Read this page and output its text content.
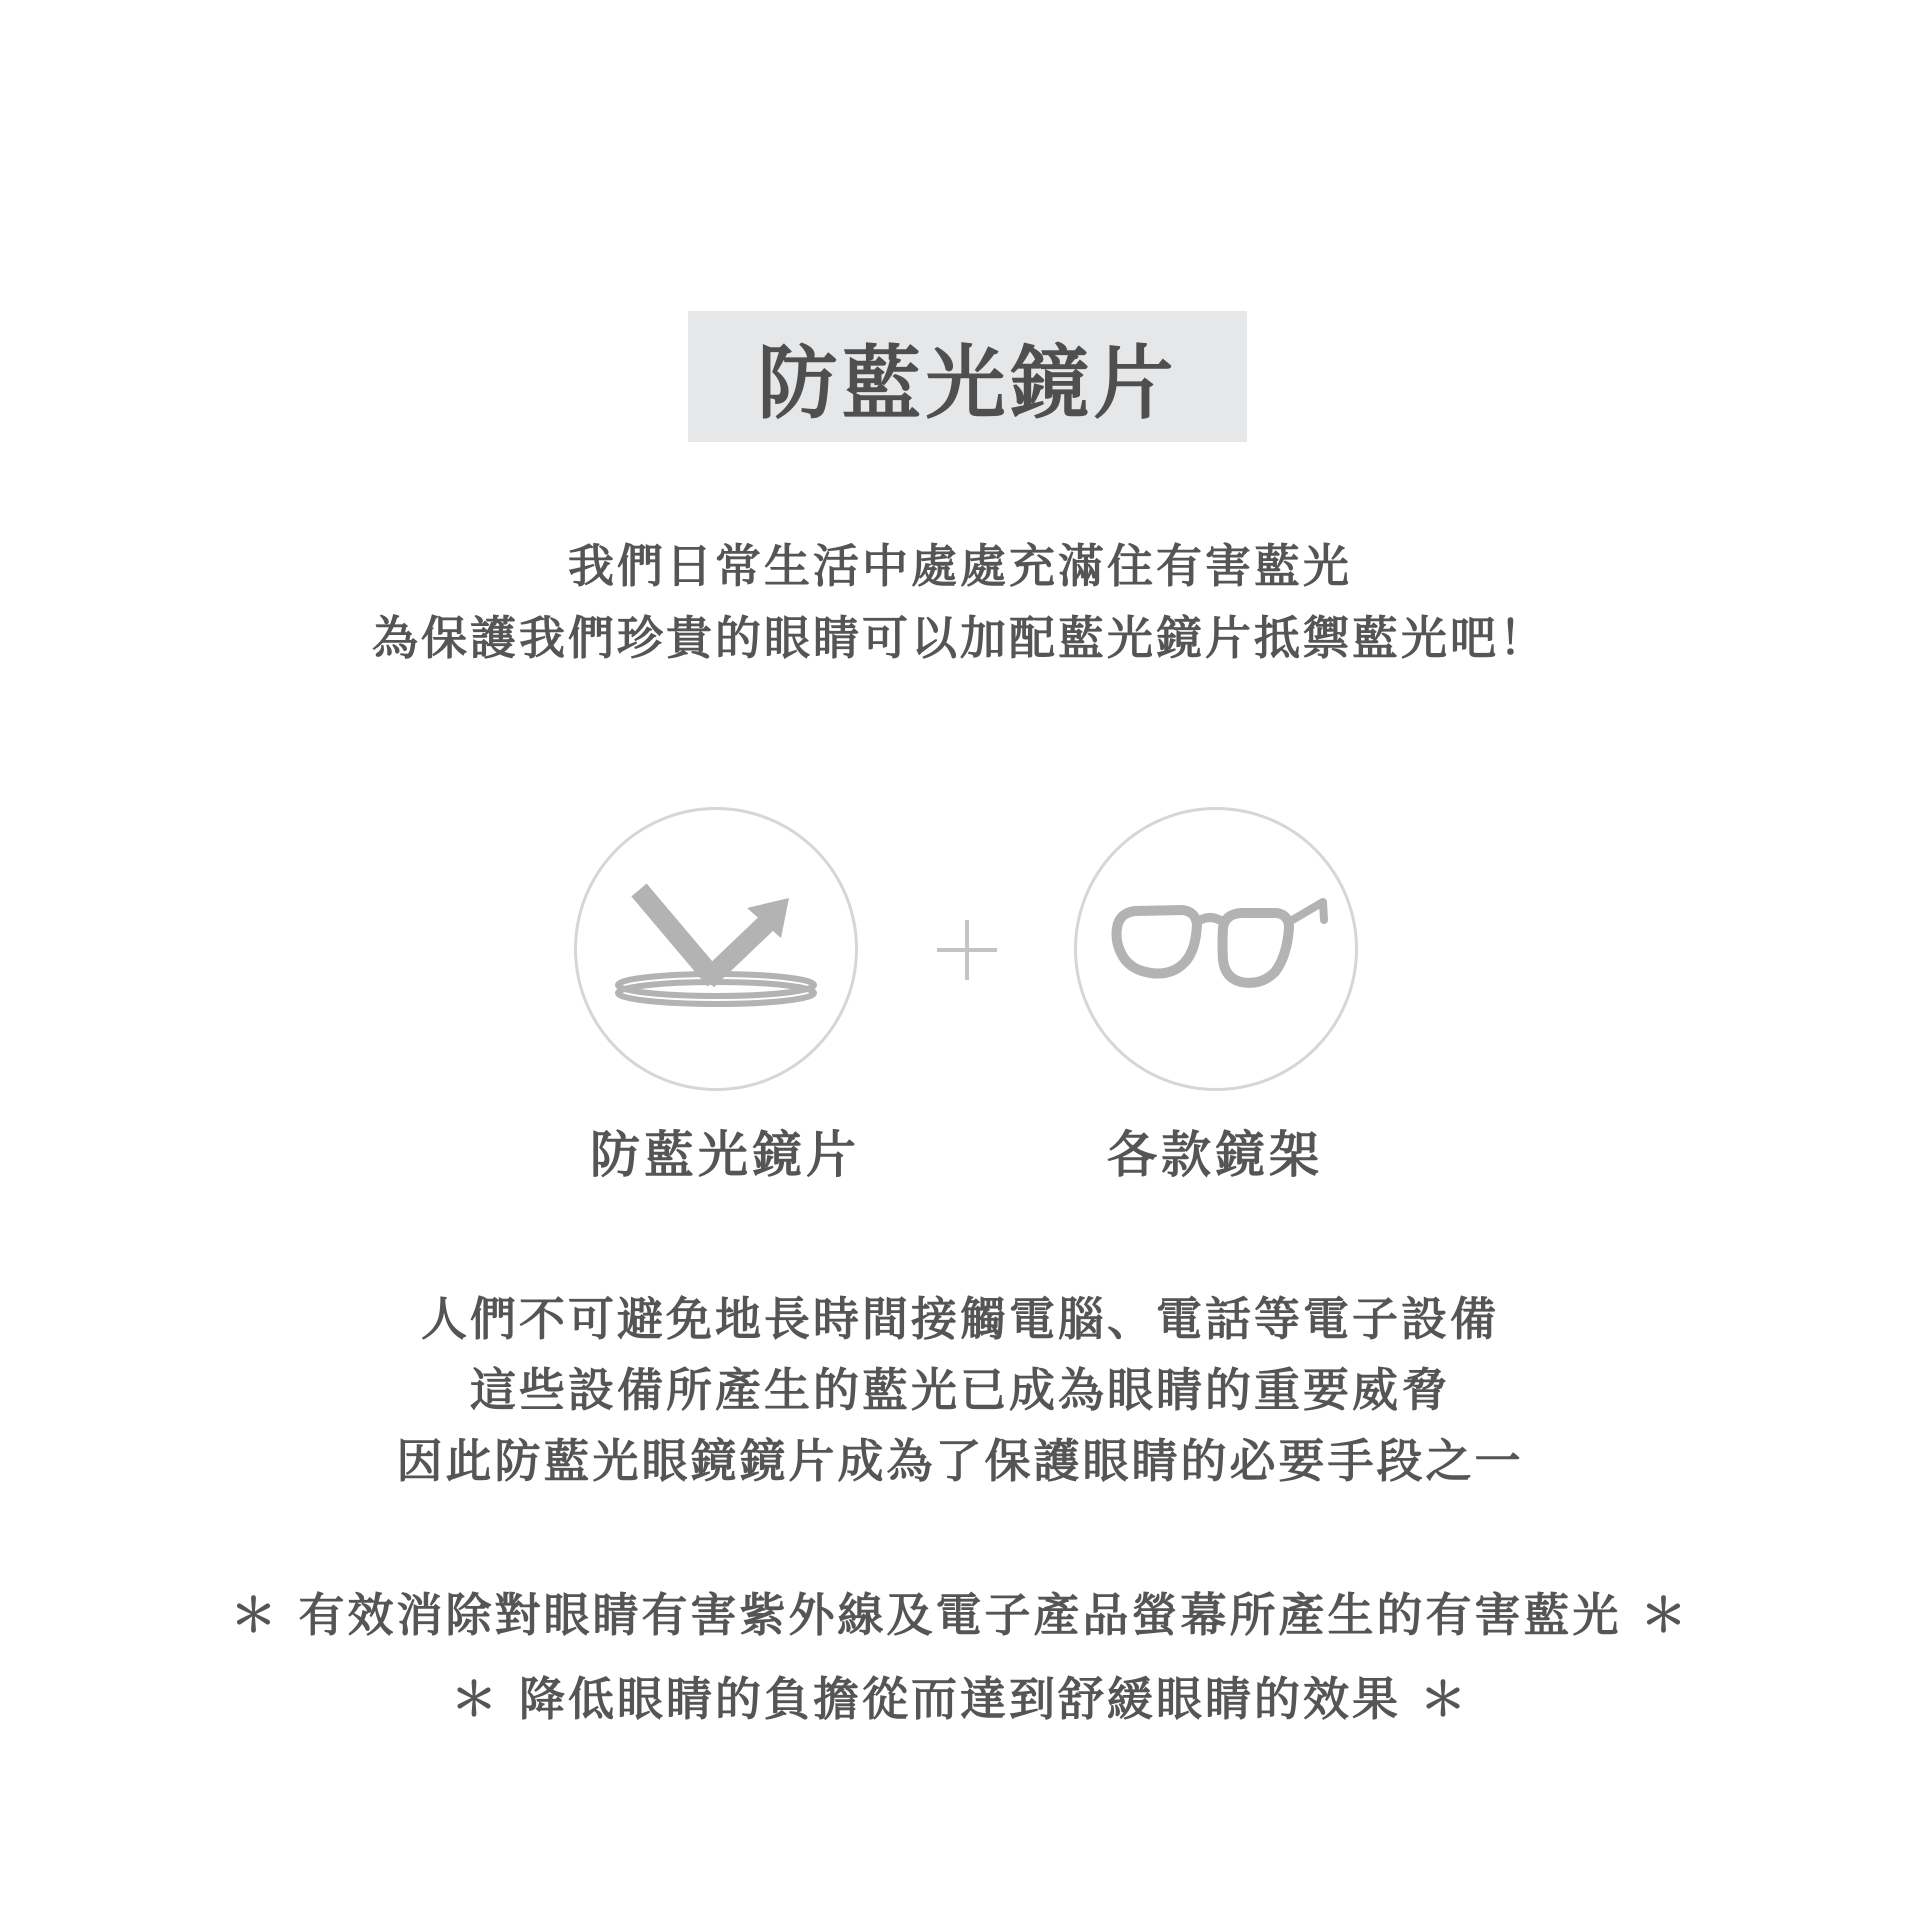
防藍光鏡片
我們日常生活中處處充滿住有害藍光
為保護我們珍貴的眼睛可以加配藍光鏡片抵禦藍光吧！
防藍光鏡片	各款鏡架
人們不可避免地長時間接觸電腦、電話等電子設備
這些設備所產生的藍光已成為眼睛的重要威脅
因此防藍光眼鏡鏡片成為了保護眼睛的必要手段之一
＊ 有效消除對眼睛有害紫外線及電子產品螢幕所產生的有害藍光 ＊
＊ 降低眼睛的負擔從而達到舒緩眼睛的效果 ＊
